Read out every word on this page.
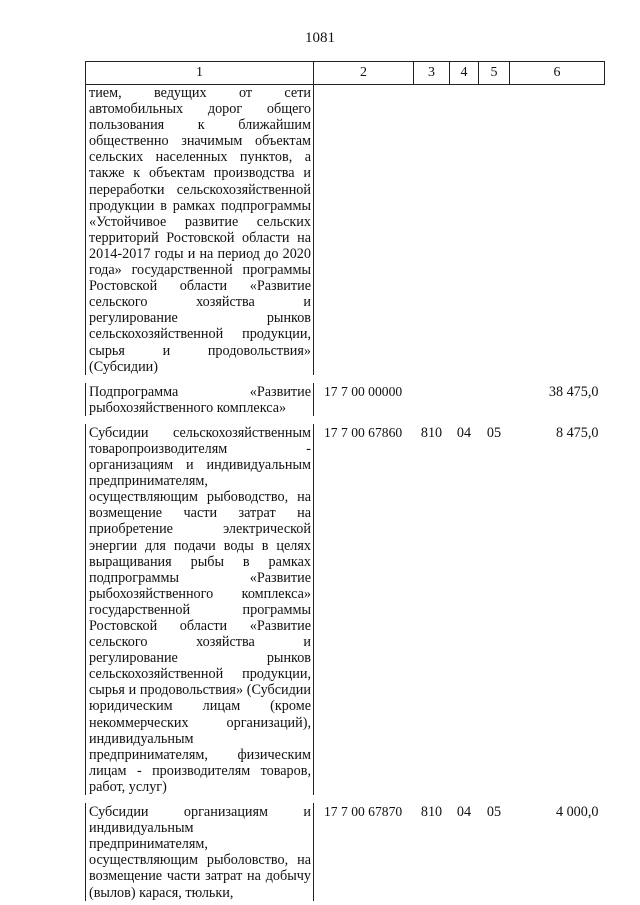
1081
1	2	3	4	5	6
тием, ведущих от сети автомобильных дорог общего пользования к ближайшим общественно значимым объектам сельских населенных пунктов, а также к объектам производства и переработки сельскохозяйственной продукции в рамках подпрограммы «Устойчивое развитие сельских территорий Ростовской области на 2014-2017 годы и на период до 2020 года» государственной программы Ростовской области «Развитие сельского хозяйства и регулирование рынков сельскохозяйственной продукции, сырья и продовольствия» (Субсидии)					

Подпрограмма «Развитие рыбохозяйственного комплекса»	17 7 00 00000				38 475,0

Субсидии сельскохозяйственным товаропроизводителям - организациям и индивидуальным предпринимателям, осуществляющим рыбоводство, на возмещение части затрат на приобретение электрической энергии для подачи воды в целях выращивания рыбы в рамках подпрограммы «Развитие рыбохозяйственного комплекса» государственной программы Ростовской области «Развитие сельского хозяйства и регулирование рынков сельскохозяйственной продукции, сырья и продовольствия» (Субсидии юридическим лицам (кроме некоммерческих организаций), индивидуальным предпринимателям, физическим лицам - производителям товаров, работ, услуг)	17 7 00 67860	810	04	05	8 475,0

Субсидии организациям и индивидуальным предпринимателям, осуществляющим рыболовство, на возмещение части затрат на добычу (вылов) карася, тюльки,	17 7 00 67870	810	04	05	4 000,0
